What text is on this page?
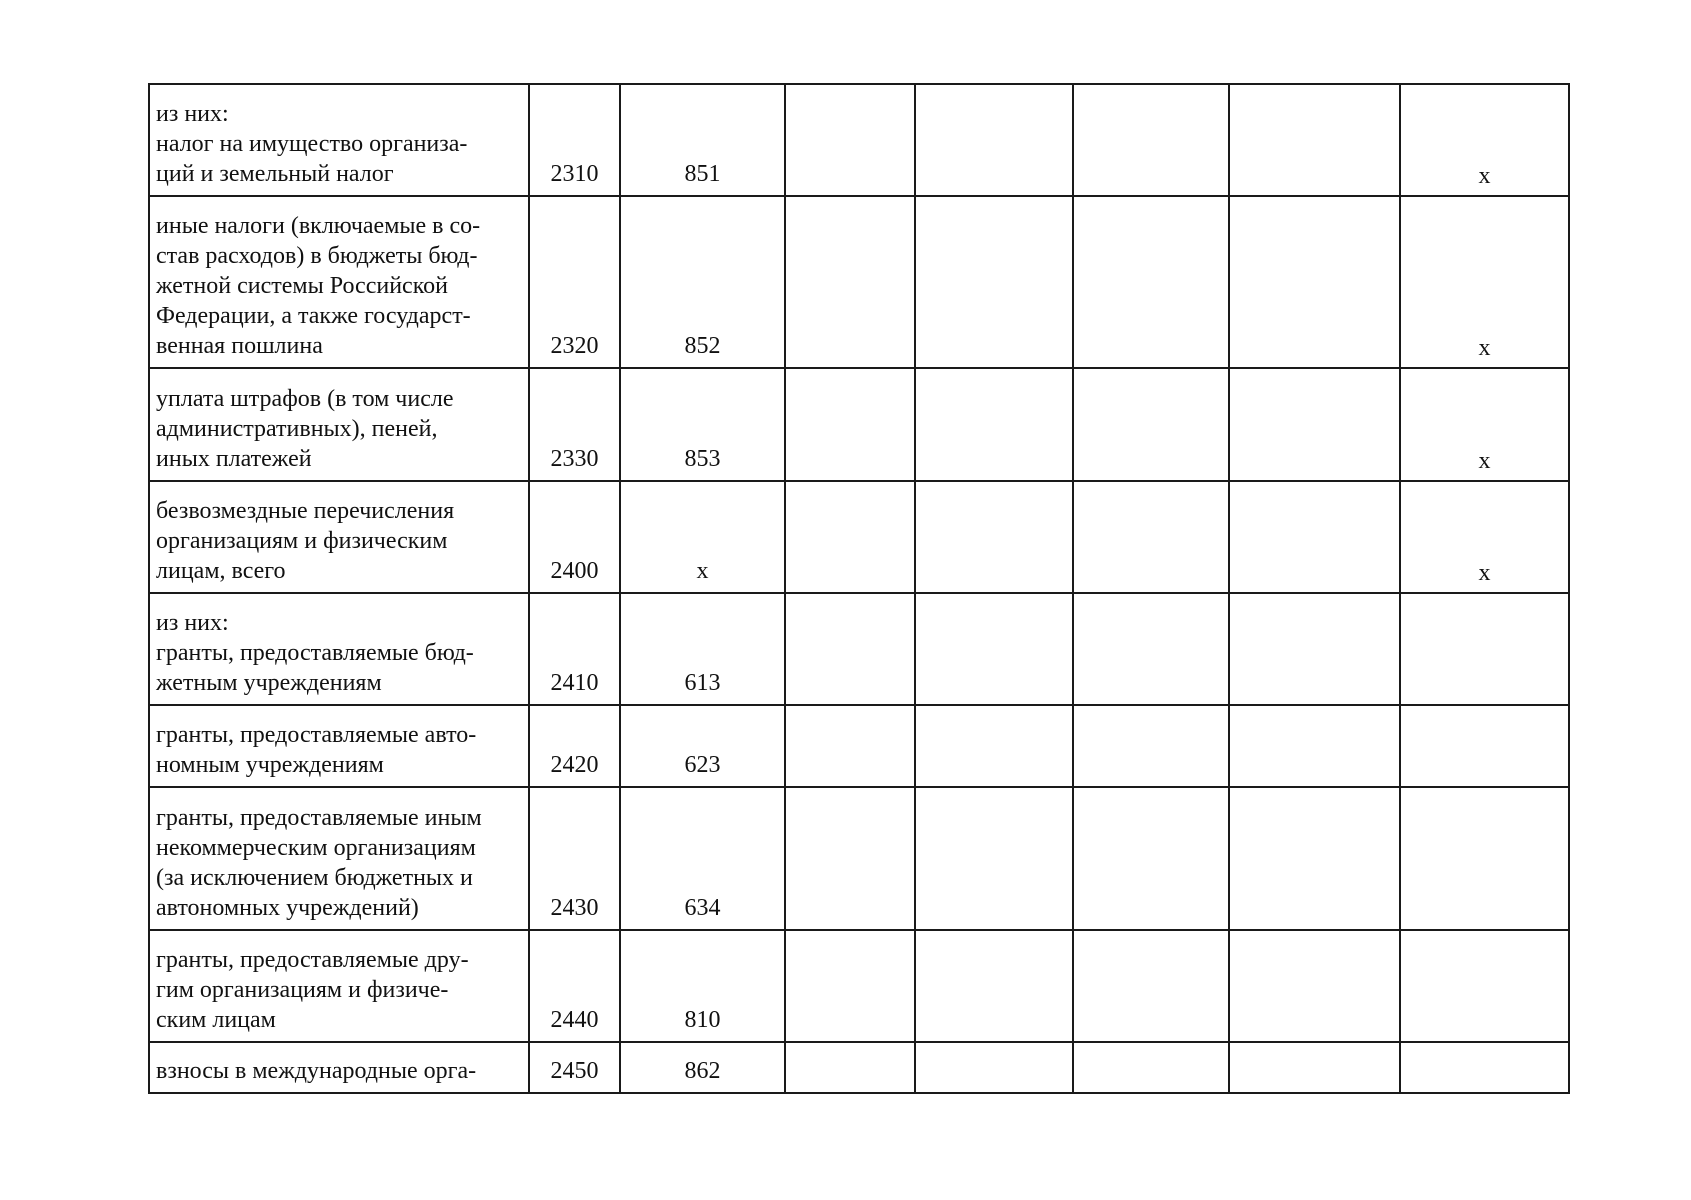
из них:
налог на имущество организа-
ций и земельный налог	2310	851					x
иные налоги (включаемые в со-
став расходов) в бюджеты бюд-
жетной системы Российской
Федерации, а также государст-
венная пошлина	2320	852					x
уплата штрафов (в том числе
административных), пеней,
иных платежей	2330	853					x
безвозмездные перечисления
организациям и физическим
лицам, всего	2400	x					x
из них:
гранты, предоставляемые бюд-
жетным учреждениям	2410	613					
гранты, предоставляемые авто-
номным учреждениям	2420	623					
гранты, предоставляемые иным
некоммерческим организациям
(за исключением бюджетных и
автономных учреждений)	2430	634					
гранты, предоставляемые дру-
гим организациям и физиче-
ским лицам	2440	810					
взносы в международные орга-	2450	862					
